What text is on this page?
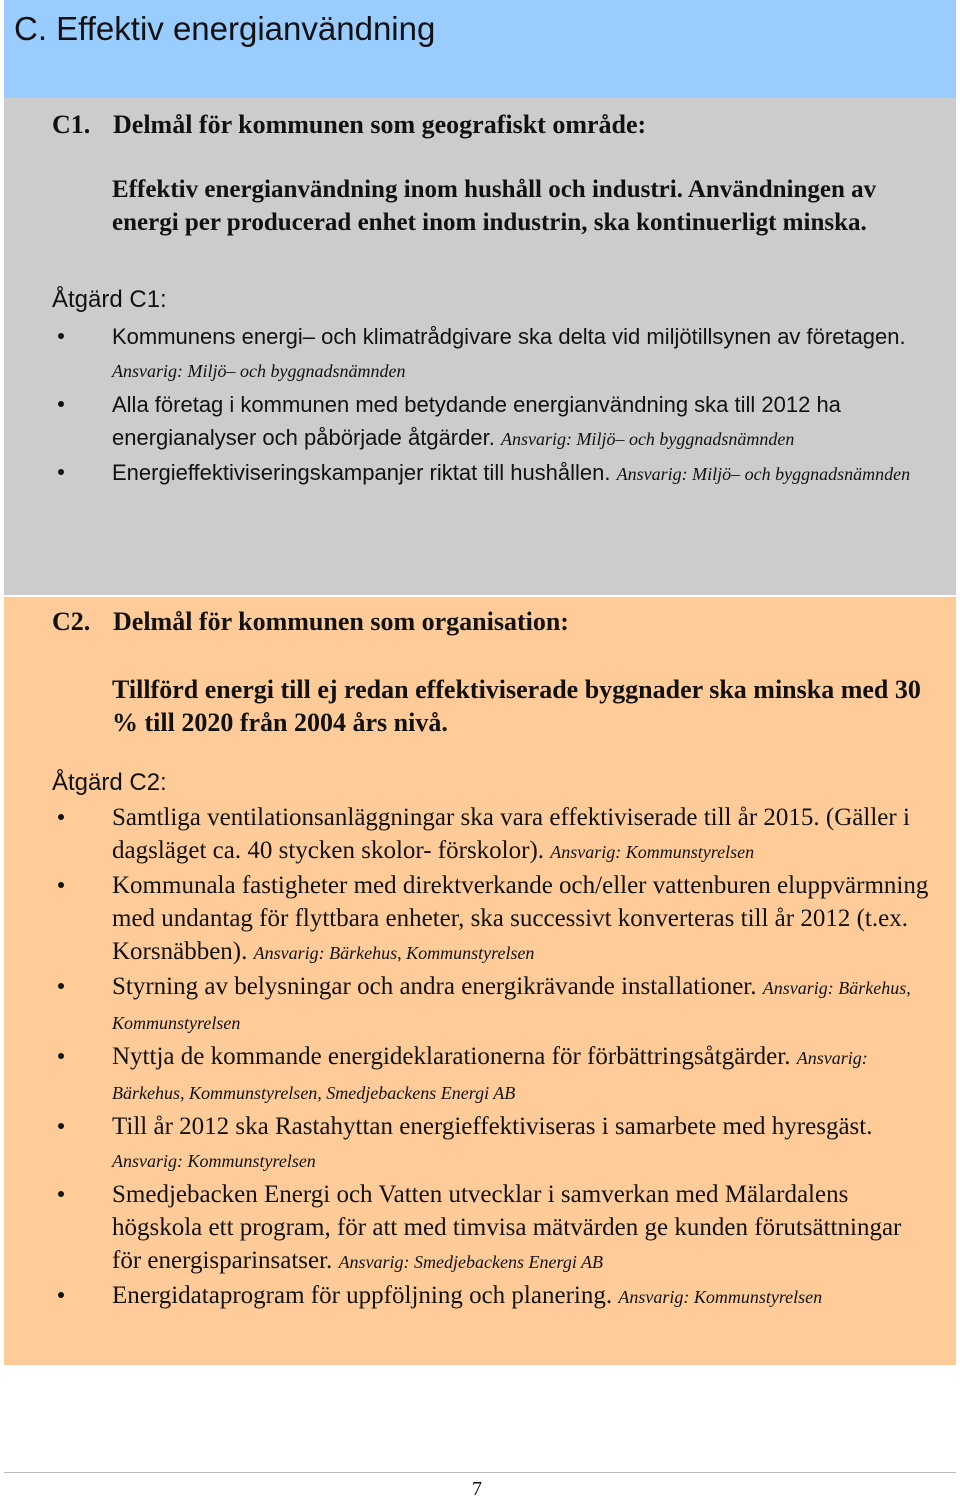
C. Effektiv energianvändning
C1. Delmål för kommunen som geografiskt område:
Effektiv energianvändning inom hushåll och industri. Användningen av energi per producerad enhet inom industrin, ska kontinuerligt minska.
Åtgärd C1:
Kommunens energi– och klimatrådgivare ska delta vid miljötillsynen av företagen. Ansvarig: Miljö– och byggnadsnämnden
Alla företag i kommunen med betydande energianvändning ska till 2012 ha energianalyser och påbörjade åtgärder. Ansvarig: Miljö– och byggnadsnämnden
Energieffektiviseringskampanjer riktat till hushållen. Ansvarig: Miljö– och byggnadsnämnden
C2. Delmål för kommunen som organisation:
Tillförd energi till ej redan effektiviserade byggnader ska minska med 30 % till 2020 från 2004 års nivå.
Åtgärd C2:
Samtliga ventilationsanläggningar ska vara effektiviserade till år 2015. (Gäller i dagsläget ca. 40 stycken skolor- förskolor). Ansvarig: Kommunstyrelsen
Kommunala fastigheter med direktverkande och/eller vattenburen eluppvärmning med undantag för flyttbara enheter, ska successivt konverteras till år 2012 (t.ex. Korsnäbben). Ansvarig: Bärkehus, Kommunstyrelsen
Styrning av belysningar och andra energikrävande installationer. Ansvarig: Bärkehus, Kommunstyrelsen
Nyttja de kommande energideklarationerna för förbättringsåtgärder. Ansvarig: Bärkehus, Kommunstyrelsen, Smedjebackens Energi AB
Till år 2012 ska Rastahyttan energieffektiviseras i samarbete med hyresgäst. Ansvarig: Kommunstyrelsen
Smedjebacken Energi och Vatten utvecklar i samverkan med Mälardalens högskola ett program, för att med timvisa mätvärden ge kunden förutsättningar för energisparinsatser. Ansvarig: Smedjebackens Energi AB
Energidataprogram för uppföljning och planering. Ansvarig: Kommunstyrelsen
7
